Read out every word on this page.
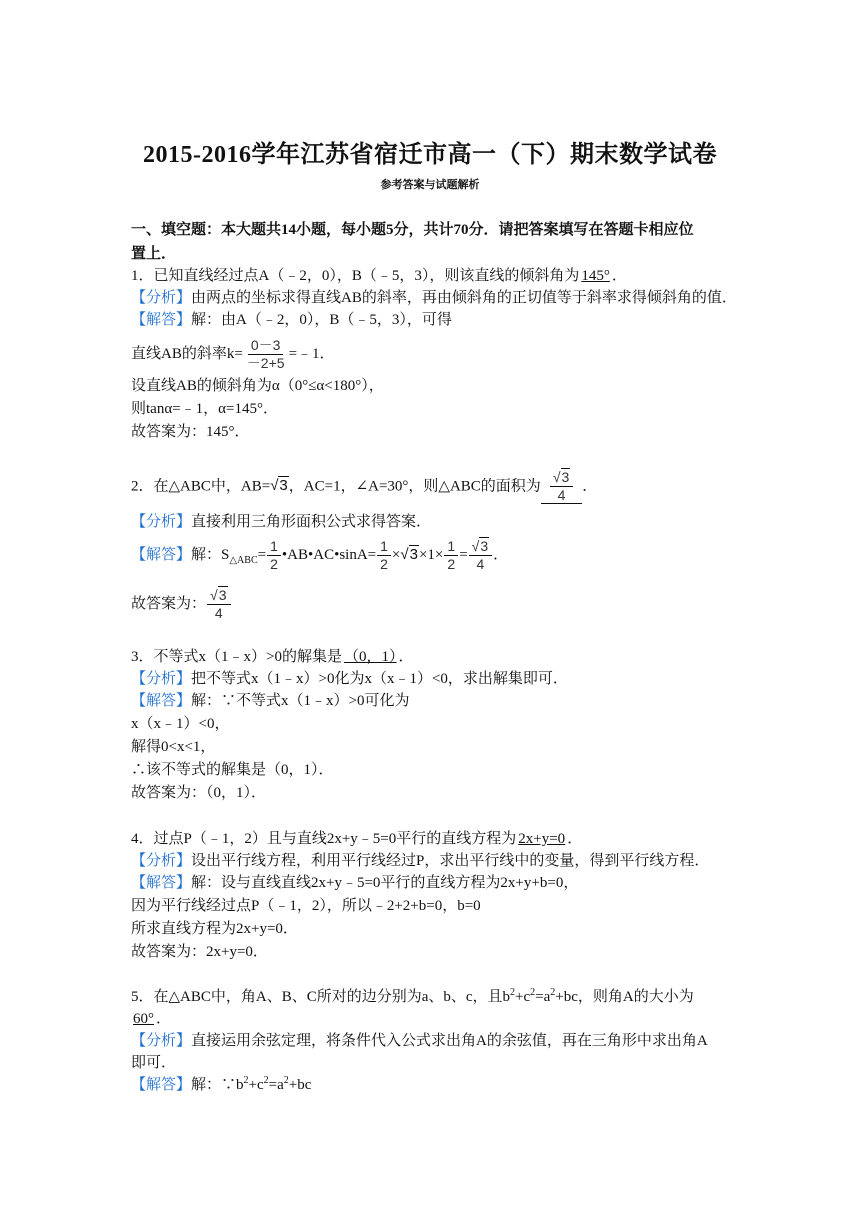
2015-2016学年江苏省宿迁市高一（下）期末数学试卷
参考答案与试题解析
一、填空题：本大题共14小题，每小题5分，共计70分．请把答案填写在答题卡相应位
置上．
1．已知直线经过点A（﹣2，0），B（﹣5，3），则该直线的倾斜角为 145° ．
【分析】由两点的坐标求得直线AB的斜率，再由倾斜角的正切值等于斜率求得倾斜角的值．
【解答】解：由A（﹣2，0），B（﹣5，3），可得
直线AB的斜率$k= \frac{0-3}{-2+5}$ =﹣1．
设直线AB的倾斜角为α（0°≤α<180°），
则tanα=﹣1，α=145°．
故答案为：145°．
2．在△ABC中，AB=√3，AC=1，∠A=30°，则△ABC的面积为 $\frac{√3}{4}$ ．
【分析】直接利用三角形面积公式求得答案．
【解答】解：$S_{\triangle ABC}= \frac{1}{2}$ •AB•AC•sinA= $\frac{1}{2} \times√3\times 1\times \frac{1}{2} = \frac{√3}{4}$ ．
故答案为： $\frac{√3}{4}$
3．不等式x（1﹣x）>0的解集是 （0，1） ．
【分析】把不等式x（1﹣x）>0化为x（x﹣1）<0，求出解集即可．
【解答】解：∵不等式x（1﹣x）>0可化为
x（x﹣1）<0，
解得0<x<1，
∴该不等式的解集是（0，1）．
故答案为：（0，1）．
4．过点P（﹣1，2）且与直线2x+y﹣5=0平行的直线方程为 2x+y=0 ．
【分析】设出平行线方程，利用平行线经过P，求出平行线中的变量，得到平行线方程．
【解答】解：设与直线直线2x+y﹣5=0平行的直线方程为2x+y+b=0，
因为平行线经过点P（﹣1，2），所以﹣2+2+b=0，b=0
所求直线方程为2x+y=0．
故答案为：2x+y=0．
5．在△ABC中，角A、B、C所对的边分别为a、b、c，且$b^2+c^2=a^2+bc$，则角A的大小为
60° ．
【分析】直接运用余弦定理，将条件代入公式求出角A的余弦值，再在三角形中求出角A
即可．
【解答】解：$\because b^2+c^2=a^2+bc$
